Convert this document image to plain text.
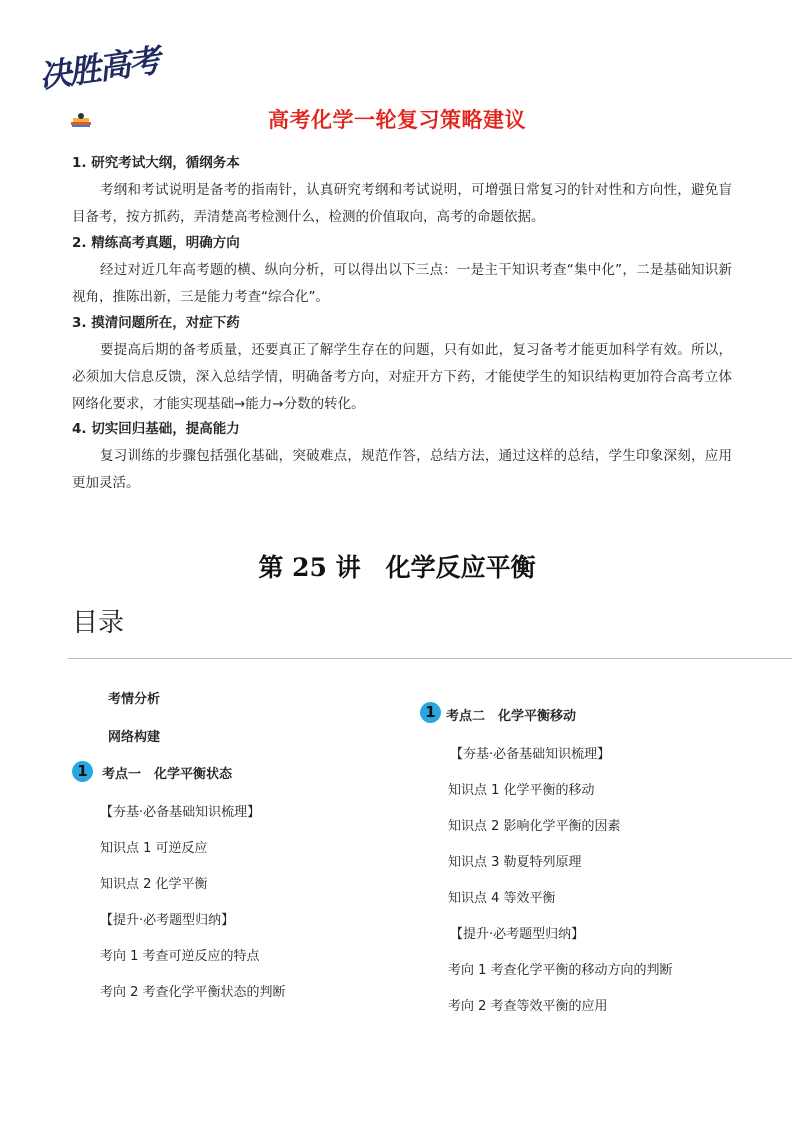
决胜高考
高考化学一轮复习策略建议
1. 研究考试大纲，循纲务本
考纲和考试说明是备考的指南针，认真研究考纲和考试说明，可增强日常复习的针对性和方向性，避免盲目备考，按方抓药，弄清楚高考检测什么，检测的价值取向，高考的命题依据。
2. 精练高考真题，明确方向
经过对近几年高考题的横、纵向分析，可以得出以下三点：一是主干知识考查“集中化”，二是基础知识新视角，推陈出新，三是能力考查“综合化”。
3. 摸清问题所在，对症下药
要提高后期的备考质量，还要真正了解学生存在的问题，只有如此，复习备考才能更加科学有效。所以，必须加大信息反馈，深入总结学情，明确备考方向，对症开方下药，才能使学生的知识结构更加符合高考立体网络化要求，才能实现基础→能力→分数的转化。
4. 切实回归基础，提高能力
复习训练的步骤包括强化基础，突破难点，规范作答，总结方法，通过这样的总结，学生印象深刻，应用更加灵活。
第 25 讲　化学反应平衡
目录
考情分析
网络构建
1	考点一　化学平衡状态
【夯基·必备基础知识梳理】
知识点 1 可逆反应
知识点 2 化学平衡
【提升·必考题型归纳】
考向 1 考查可逆反应的特点
考向 2 考查化学平衡状态的判断
1 考点二　化学平衡移动
【夯基·必备基础知识梳理】
知识点 1 化学平衡的移动
知识点 2 影响化学平衡的因素
知识点 3 勒夏特列原理
知识点 4 等效平衡
【提升·必考题型归纳】
考向 1 考查化学平衡的移动方向的判断
考向 2 考查等效平衡的应用
